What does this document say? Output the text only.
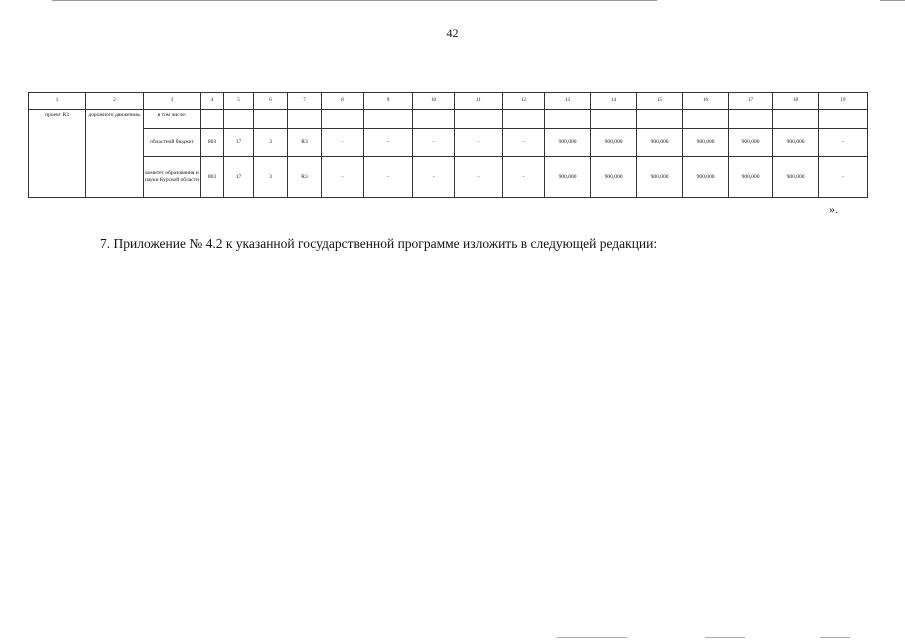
42
1	2	3	4	5	6	7	8	9	10	11	12	13	14	15	16	17	18	19
проект R3	дорожного движения»	в том числе:																
		областной бюджет	803	17	3	R3	-	-	-	-	-	900,000	900,000	900,000	900,000	900,000	900,000	-
		комитет образования и науки Курской области	803	17	3	R3	-	-	-	-	-	900,000	900,000	900,000	900,000	900,000	900,000	-
».
7. Приложение № 4.2 к указанной государственной программе изложить в следующей редакции:
